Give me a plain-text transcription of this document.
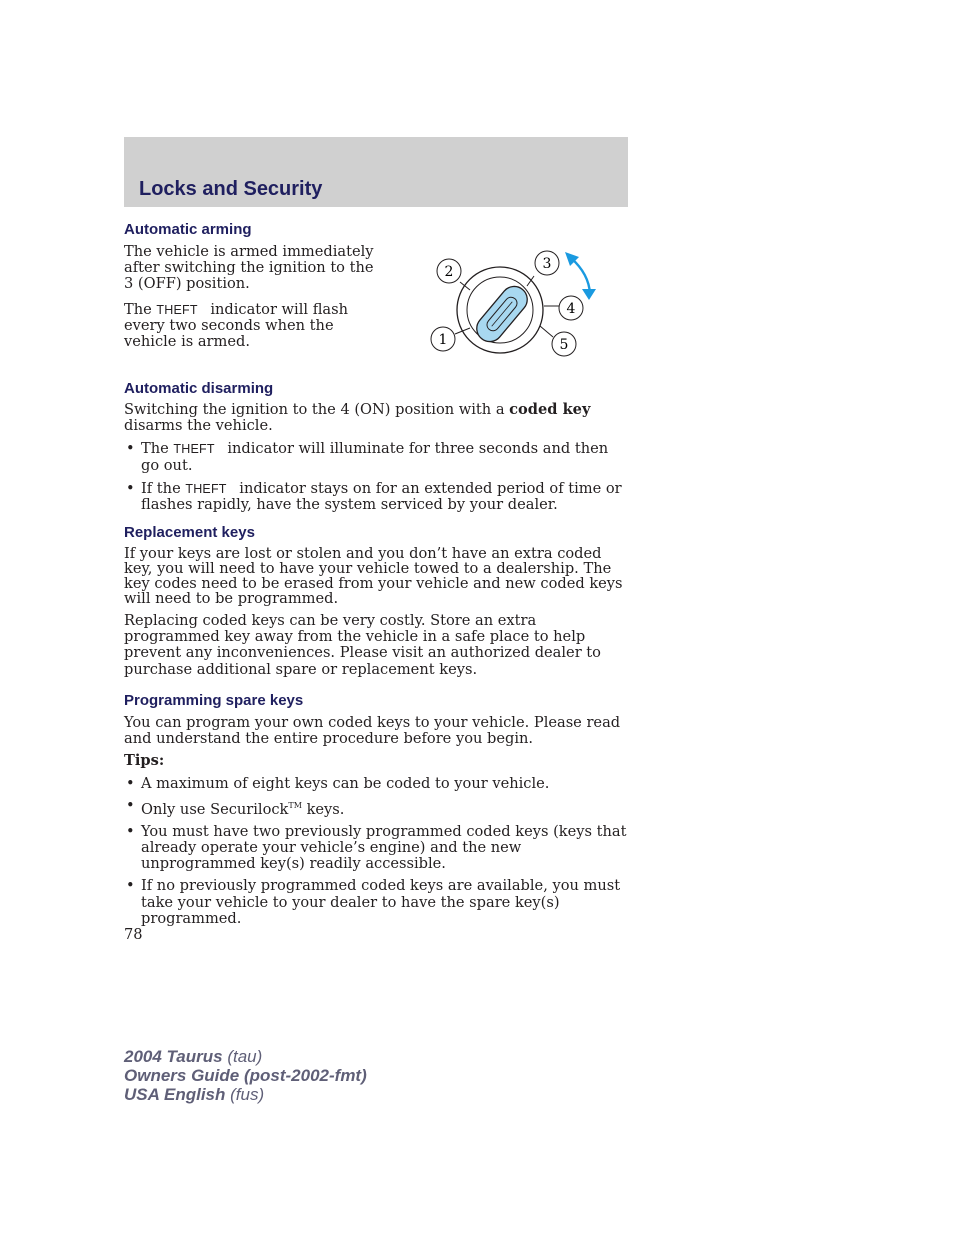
Locks and Security
Automatic arming

The vehicle is armed immediately after switching the ignition to the 3 (OFF) position.

The THEFT indicator will flash every two seconds when the vehicle is armed.

2	3
4
1	5
Automatic disarming

Switching the ignition to the 4 (ON) position with a coded key disarms the vehicle.

• The THEFT indicator will illuminate for three seconds and then go out.
• If the THEFT indicator stays on for an extended period of time or flashes rapidly, have the system serviced by your dealer.
Replacement keys

If your keys are lost or stolen and you don’t have an extra coded key, you will need to have your vehicle towed to a dealership. The key codes need to be erased from your vehicle and new coded keys will need to be programmed.

Replacing coded keys can be very costly. Store an extra programmed key away from the vehicle in a safe place to help prevent any inconveniences. Please visit an authorized dealer to purchase additional spare or replacement keys.

Programming spare keys

You can program your own coded keys to your vehicle. Please read and understand the entire procedure before you begin.

Tips:

• A maximum of eight keys can be coded to your vehicle.
• Only use Securilock™ keys.
• You must have two previously programmed coded keys (keys that already operate your vehicle’s engine) and the new unprogrammed key(s) readily accessible.
• If no previously programmed coded keys are available, you must take your vehicle to your dealer to have the spare key(s) programmed.
78
2004 Taurus (tau)
Owners Guide (post-2002-fmt)
USA English (fus)
